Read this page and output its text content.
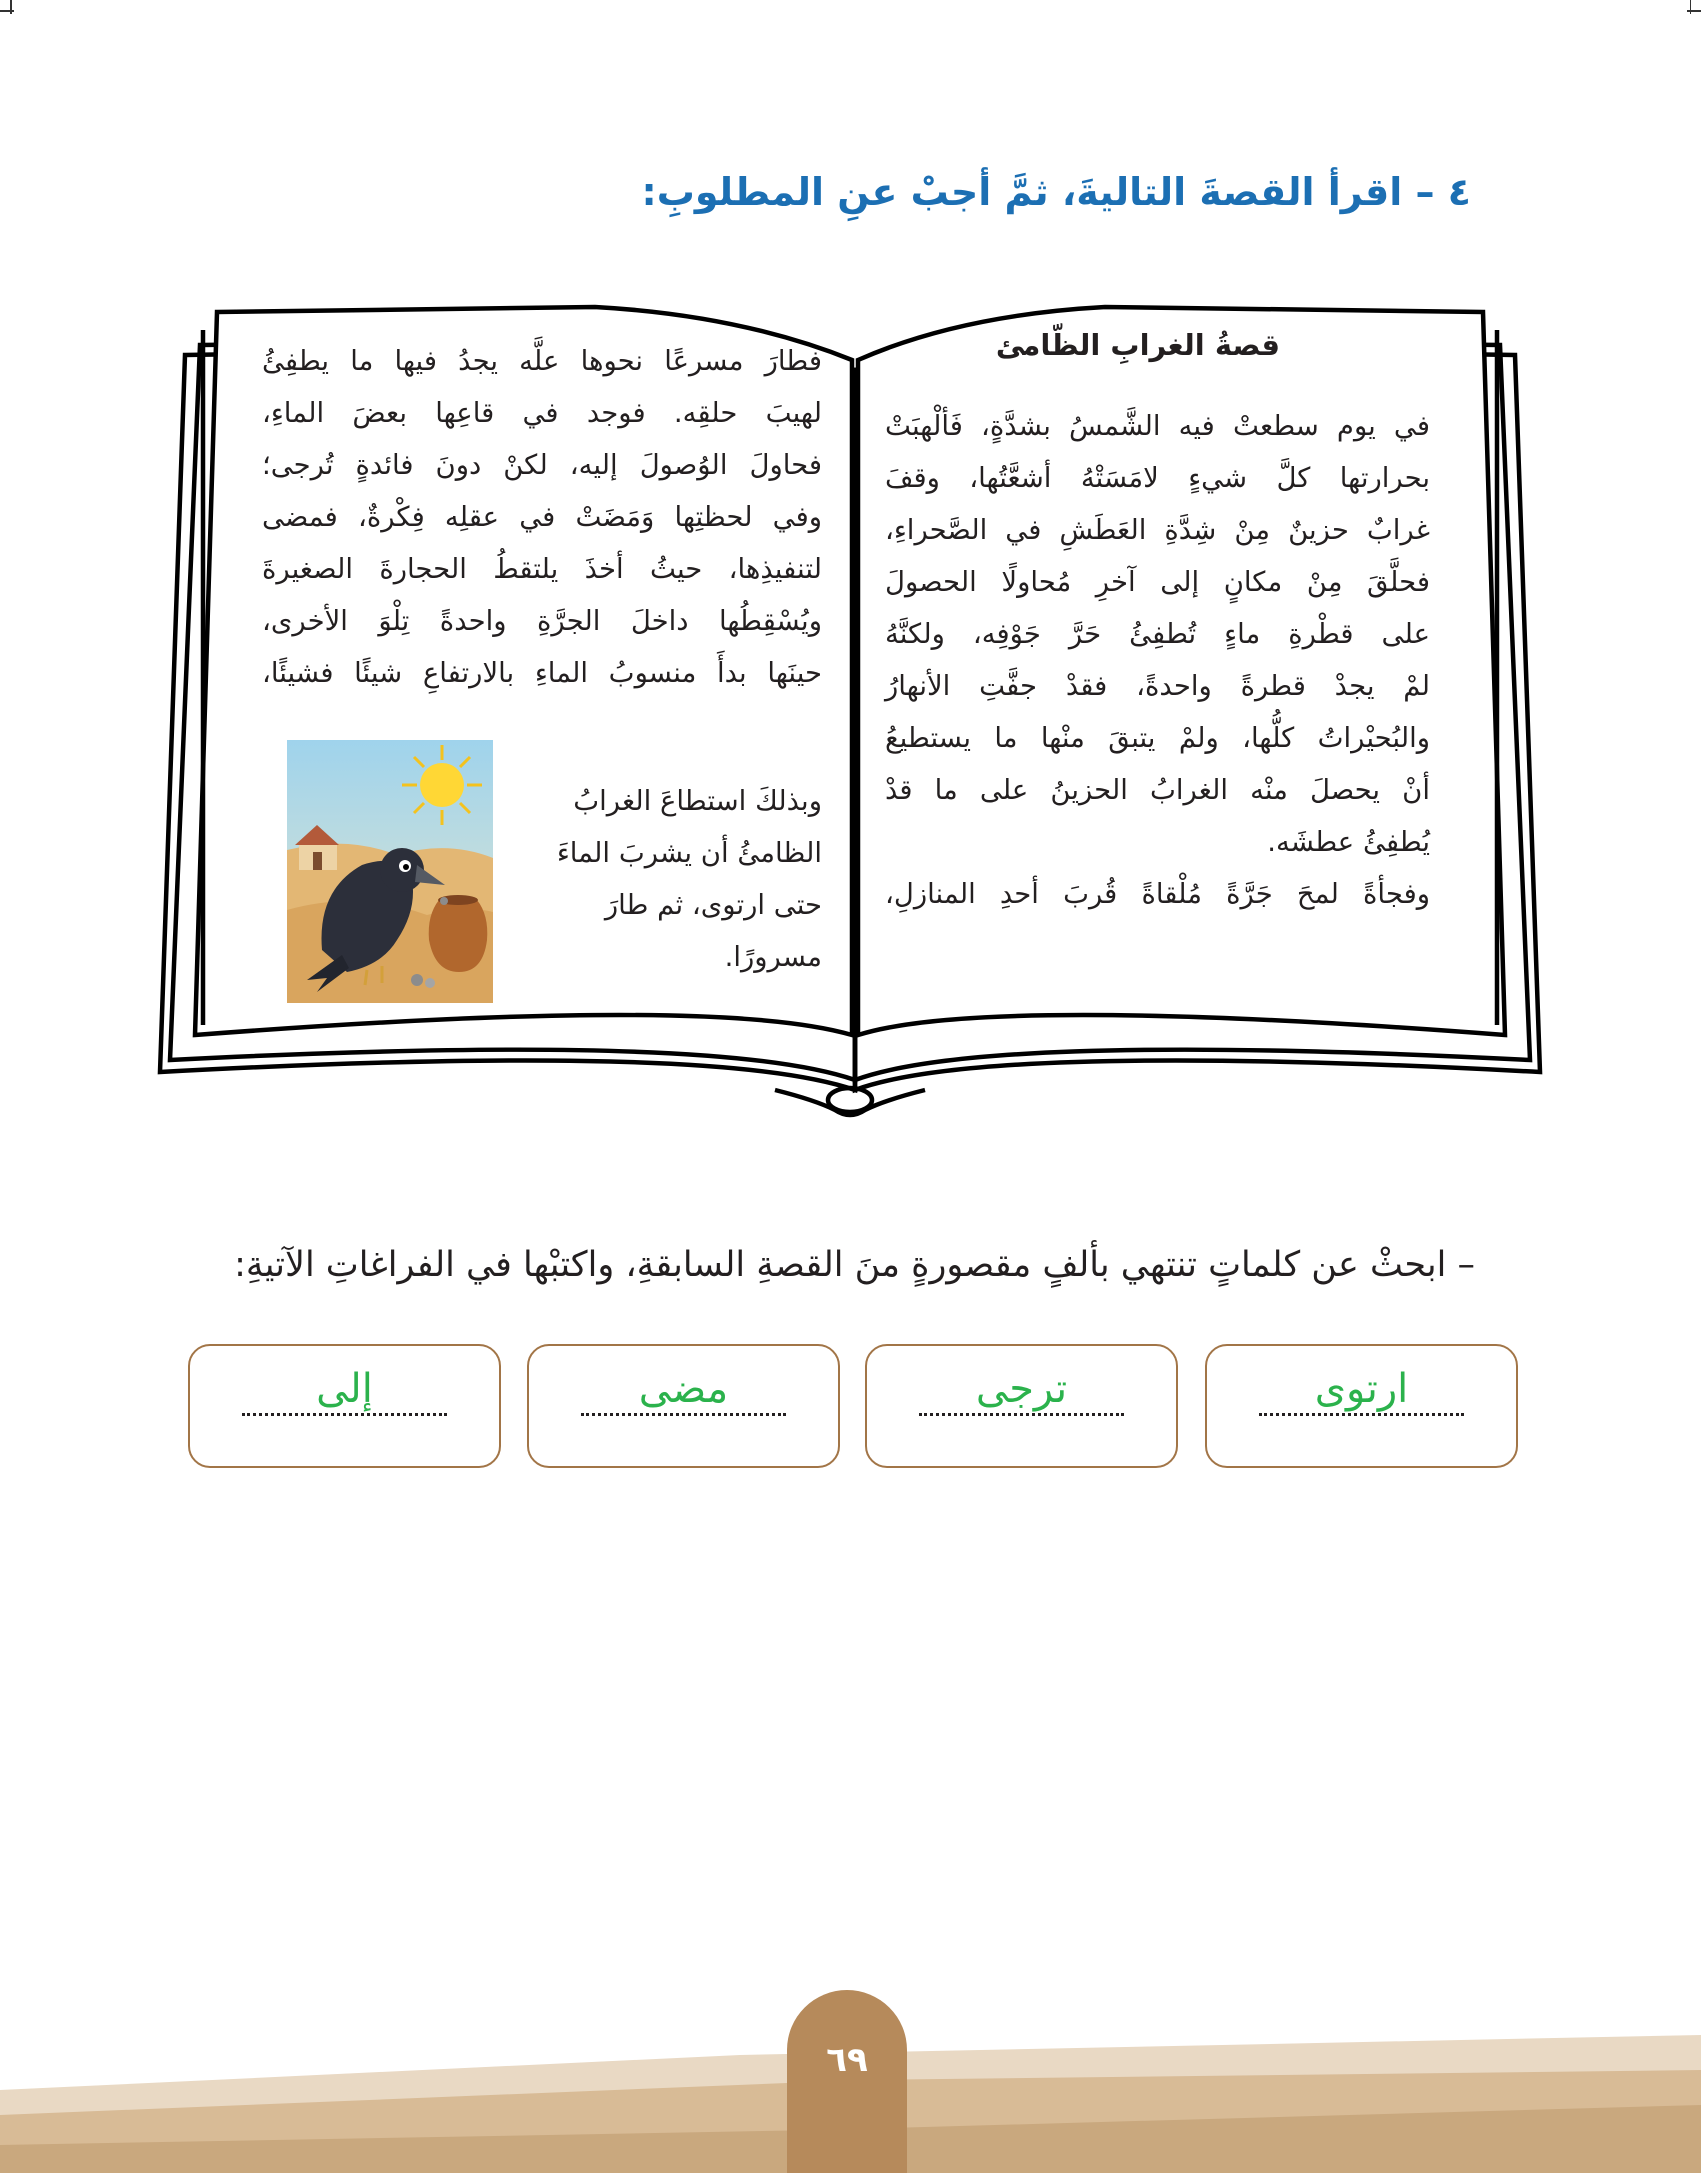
٤ – اقرأ القصةَ التاليةَ، ثمَّ أجبْ عنِ المطلوبِ:
قصةُ الغرابِ الظّامئ

في يوم سطعتْ فيه الشَّمسُ بشدَّةٍ، فَألْهبَتْ
بحرارتها كلَّ شيءٍ لامَسَتْهُ أشعَّتُها، وقفَ
غرابٌ حزينٌ مِنْ شِدَّةِ العَطَشِ في الصَّحراءِ،
فحلَّقَ مِنْ مكانٍ إلى آخرِ مُحاولًا الحصولَ
على قطْرةِ ماءٍ تُطفِئُ حَرَّ جَوْفِه، ولكنَّهُ
لمْ يجدْ قطرةً واحدةً، فقدْ جفَّتِ الأنهارُ
والبُحيْراتُ كلُّها، ولمْ يتبقَ منْها ما يستطيعُ
أنْ يحصلَ منْه الغرابُ الحزينُ على ما قدْ
يُطفِئُ عطشَه.
وفجأةً لمحَ جَرَّةً مُلْقاةً قُربَ أحدِ المنازلِ،

فطارَ مسرعًا نحوها علَّه يجدُ فيها ما يطفِئُ
لهيبَ حلقِه. فوجد في قاعِها بعضَ الماءِ،
فحاولَ الوُصولَ إليه، لكنْ دونَ فائدةٍ تُرجى؛
وفي لحظتِها وَمَضَتْ في عقلِه فِكْرةٌ، فمضى
لتنفيذِها، حيثُ أخذَ يلتقطُ الحجارةَ الصغيرةَ
ويُسْقِطُها داخلَ الجرَّةِ واحدةً تِلْوَ الأخرى،
حينَها بدأَ منسوبُ الماءِ بالارتفاعِ شيئًا فشيئًا،

وبذلكَ استطاعَ الغرابُ
الظامئُ أن يشربَ الماءَ
حتى ارتوى، ثم طارَ
مسرورًا.

– ابحثْ عن كلماتٍ تنتهي بألفٍ مقصورةٍ منَ القصةِ السابقةِ، واكتبْها في الفراغاتِ الآتيةِ:

ارتوى
ترجى
مضى
إلى
٦٩
